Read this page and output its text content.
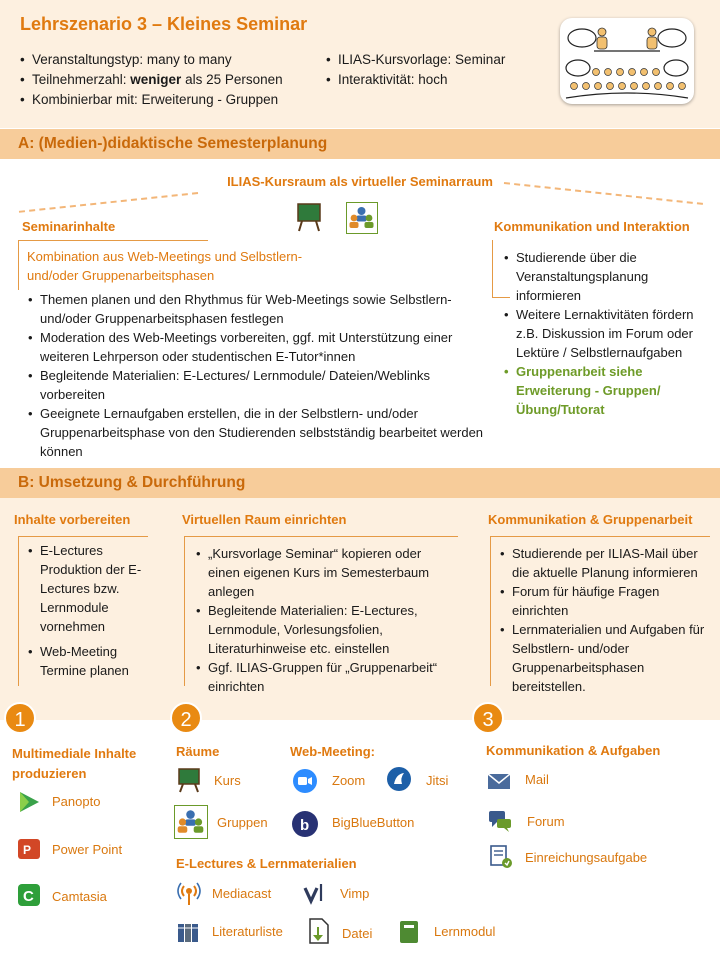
Lehrszenario 3 – Kleines Seminar
• Veranstaltungstyp: many to many
• Teilnehmerzahl: weniger als 25 Personen
• Kombinierbar mit: Erweiterung - Gruppen
• ILIAS-Kursvorlage: Seminar
• Interaktivität: hoch
A: (Medien-)didaktische Semesterplanung
ILIAS-Kursraum als virtueller Seminarraum
Seminarinhalte
Kombination aus Web-Meetings und Selbstlern- und/oder Gruppenarbeitsphasen
• Themen planen und den Rhythmus für Web-Meetings sowie Selbstlern- und/oder Gruppenarbeitsphasen festlegen
• Moderation des Web-Meetings vorbereiten, ggf. mit Unterstützung einer weiteren Lehrperson oder studentischen E-Tutor*innen
• Begleitende Materialien: E-Lectures/ Lernmodule/ Dateien/Weblinks vorbereiten
• Geeignete Lernaufgaben erstellen, die in der Selbstlern- und/oder Gruppenarbeitsphase von den Studierenden selbstständig bearbeitet werden können
Kommunikation und Interaktion
• Studierende über die Veranstaltungsplanung informieren
• Weitere Lernaktivitäten fördern z.B. Diskussion im Forum oder Lektüre / Selbstlernaufgaben
• Gruppenarbeit siehe Erweiterung - Gruppen/Übung/Tutorat
B: Umsetzung & Durchführung
Inhalte vorbereiten
• E-Lectures Produktion der E-Lectures bzw. Lernmodule vornehmen
• Web-Meeting Termine planen
1
Virtuellen Raum einrichten
• „Kursvorlage Seminar“ kopieren oder einen eigenen Kurs im Semesterbaum anlegen
• Begleitende Materialien: E-Lectures, Lernmodule, Vorlesungsfolien, Literaturhinweise etc. einstellen
• Ggf. ILIAS-Gruppen für „Gruppenarbeit“ einrichten
2
Kommunikation & Gruppenarbeit
• Studierende per ILIAS-Mail über die aktuelle Planung informieren
• Forum für häufige Fragen einrichten
• Lernmaterialien und Aufgaben für Selbstlern- und/oder Gruppenarbeitsphasen bereitstellen.
3
Multimediale Inhalte produzieren
Panopto
P Power Point
C Camtasia
Räume
Kurs
Gruppen
Web-Meeting:
Zoom	Jitsi
b BigBlueButton
E-Lectures & Lernmaterialien
Mediacast	Vimp
Literaturliste	Datei	Lernmodul
Kommunikation & Aufgaben
Mail
Forum
Einreichungsaufgabe
